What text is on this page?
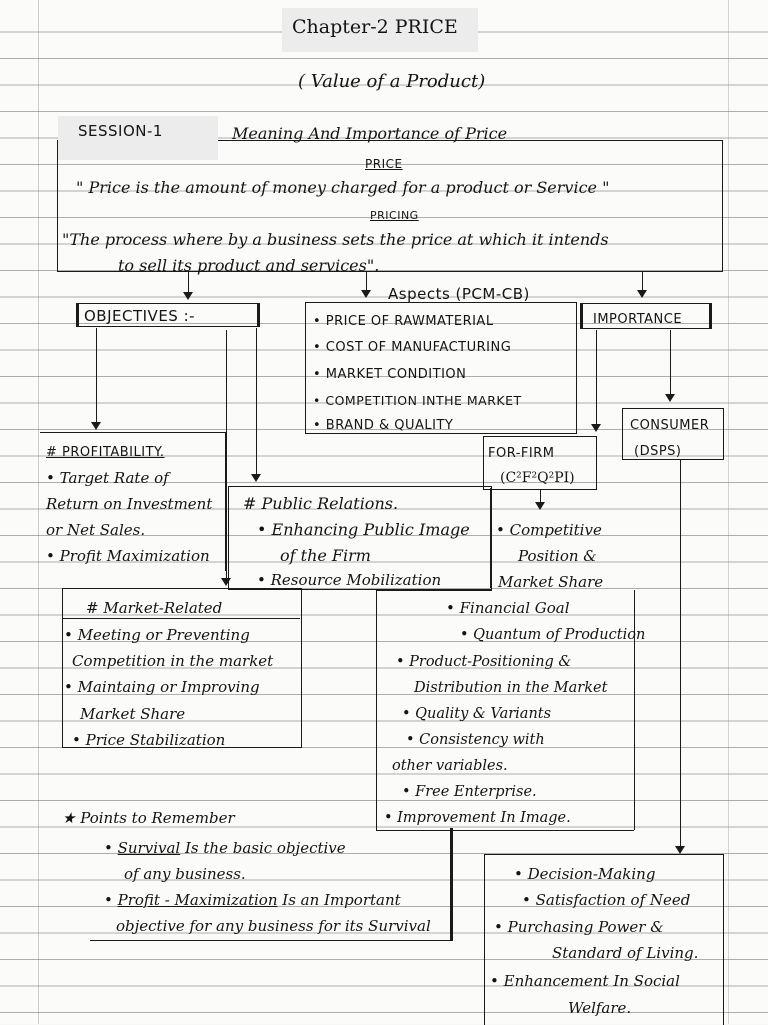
Chapter-2 PRICE
( Value of a Product)
SESSION-1	Meaning And Importance of Price
PRICE
" Price is the amount of money charged for a product or Service "
PRICING
"The process where by a business sets the price at which it intends
to sell its product and services".
OBJECTIVES :-
Aspects (PCM-CB)
• PRICE OF RAWMATERIAL
• COST OF MANUFACTURING
• MARKET CONDITION
• COMPETITION INTHE MARKET
• BRAND & QUALITY
IMPORTANCE
CONSUMER
(DSPS)
FOR-FIRM
(C²F²Q²PI)
# PROFITABILITY.
• Target Rate of
Return on Investment
or Net Sales.
• Profit Maximization
# Public Relations.
• Enhancing Public Image
of the Firm
• Resource Mobilization
# Market-Related
• Meeting or Preventing
Competition in the market
• Maintaing or Improving
Market Share
• Price Stabilization
• Competitive
Position &
Market Share
• Financial Goal
• Quantum of Production
• Product-Positioning &
Distribution in the Market
• Quality & Variants
• Consistency with
other variables.
• Free Enterprise.
• Improvement In Image.
★ Points to Remember
• Survival Is the basic objective
of any business.
• Profit - Maximization Is an Important
objective for any business for its Survival
• Decision-Making
• Satisfaction of Need
• Purchasing Power &
Standard of Living.
• Enhancement In Social
Welfare.
